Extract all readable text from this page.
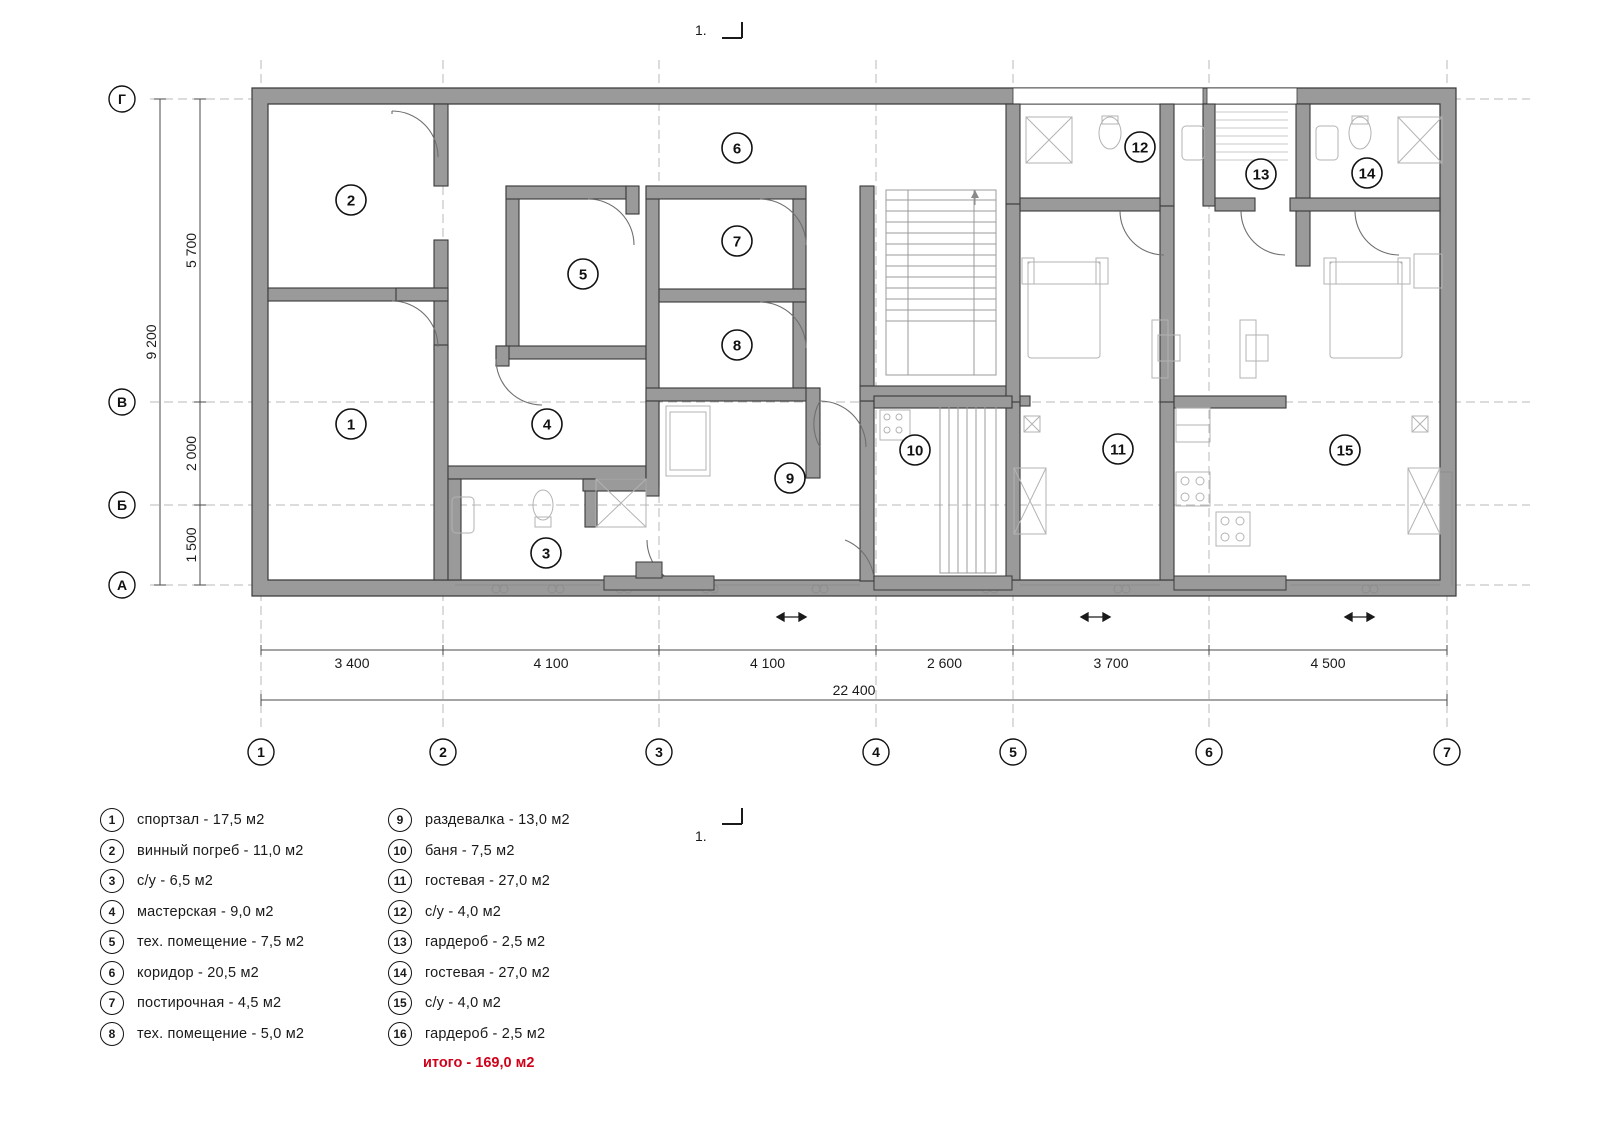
3 400	4 100	4 100	2 600	3 700	4 500
22 400
5 700
2 000
1 500
9 200
Г
В
Б
А
1	2	3	4	5	6	7
1
2
3
4
5
6
7
8
9
10	11
12
13	14
15
1.
1.
1	спортзал - 17,5 м2
2	винный погреб - 11,0 м2
3	с/у - 6,5 м2
4	мастерская - 9,0 м2
5	тех. помещение - 7,5 м2
6	коридор - 20,5 м2
7	постирочная - 4,5 м2
8	тех. помещение - 5,0 м2
9	раздевалка - 13,0 м2
10	баня - 7,5 м2
11	гостевая - 27,0 м2
12	с/у - 4,0 м2
13	гардероб - 2,5 м2
14	гостевая - 27,0 м2
15	с/у - 4,0 м2
16	гардероб - 2,5 м2
итого - 169,0 м2
